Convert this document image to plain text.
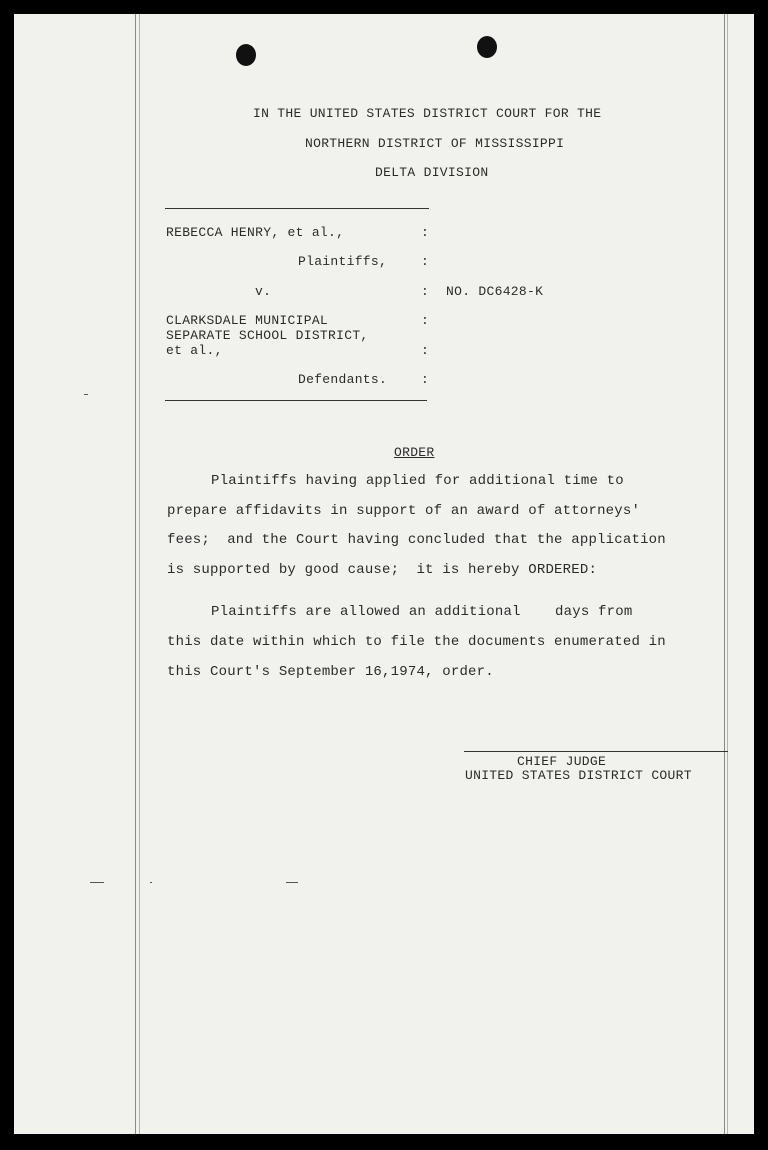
IN THE UNITED STATES DISTRICT COURT FOR THE
NORTHERN DISTRICT OF MISSISSIPPI
DELTA DIVISION
REBECCA HENRY, et al.,	:
Plaintiffs,	:
v.	: NO. DC6428-K
CLARKSDALE MUNICIPAL	:
SEPARATE SCHOOL DISTRICT,
et al.,	:
Defendants.	:
ORDER
Plaintiffs having applied for additional time to
prepare affidavits in support of an award of attorneys'
fees;  and the Court having concluded that the application
is supported by good cause;  it is hereby ORDERED:
Plaintiffs are allowed an additional    days from
this date within which to file the documents enumerated in
this Court's September 16,1974, order.
CHIEF JUDGE
UNITED STATES DISTRICT COURT
